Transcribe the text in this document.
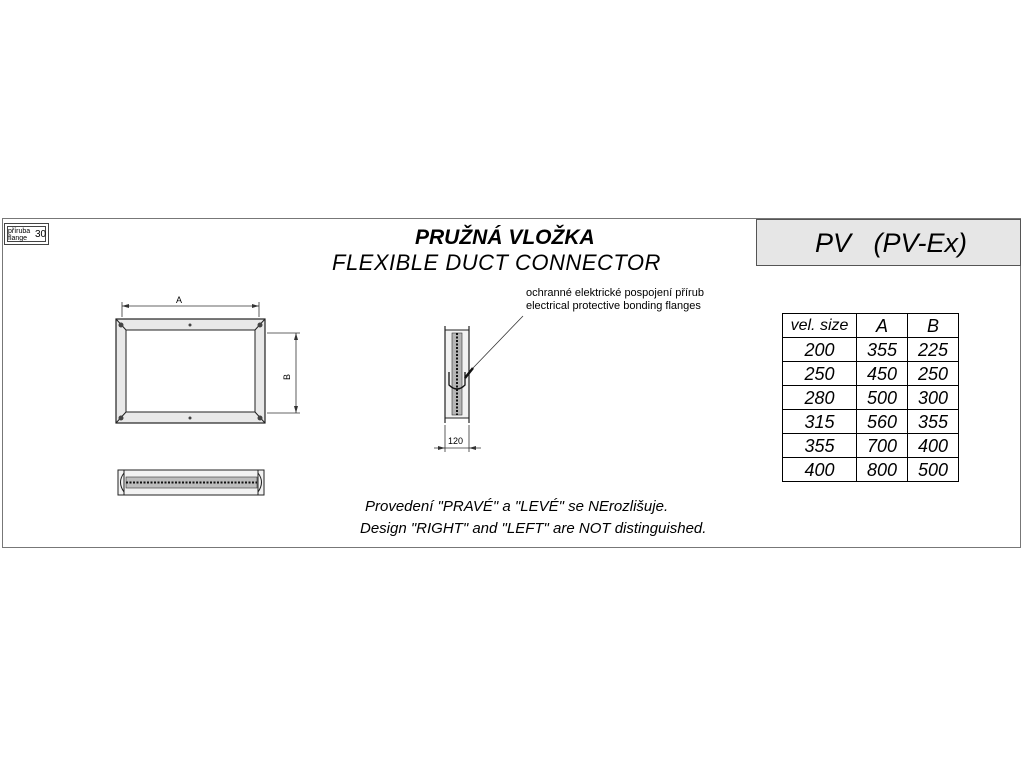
příruba
flange 30	PRUŽNÁ VLOŽKA
FLEXIBLE DUCT CONNECTOR
PV   (PV-Ex)
A
B
120
ochranné elektrické pospojení přírub
electrical protective bonding flanges
vel. size	A	B
200	355	225
250	450	250
280	500	300
315	560	355
355	700	400
400	800	500
Provedení "PRAVÉ" a "LEVÉ" se NErozlišuje.
Design "RIGHT" and "LEFT" are NOT distinguished.
